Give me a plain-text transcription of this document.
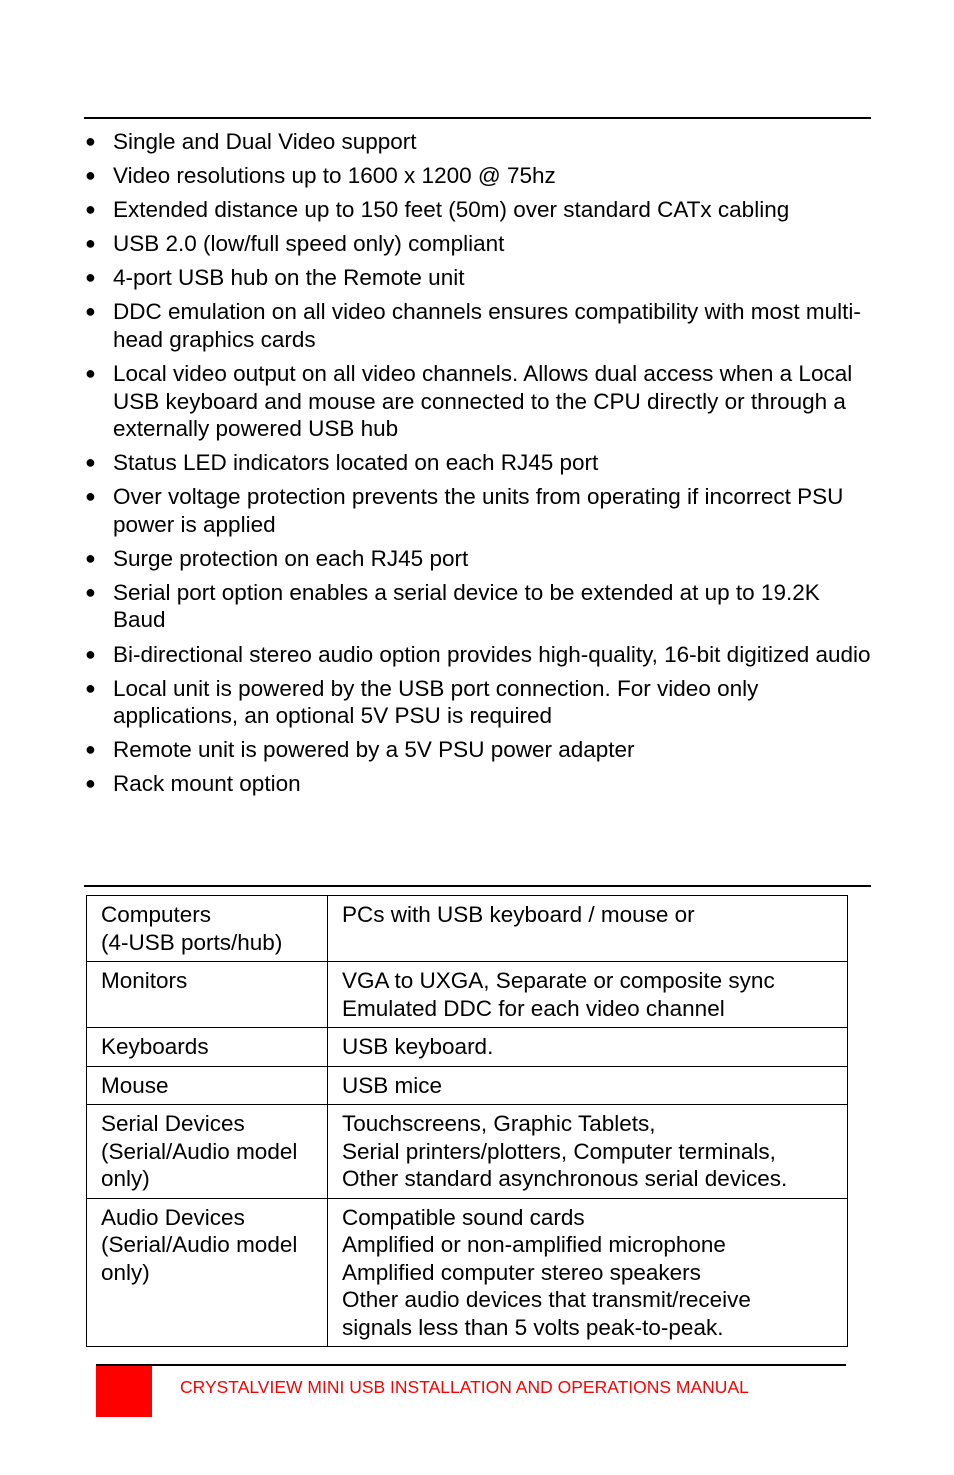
● Single and Dual Video support
● Video resolutions up to 1600 x 1200 @ 75hz
● Extended distance up to 150 feet (50m) over standard CATx cabling
● USB 2.0 (low/full speed only) compliant
● 4-port USB hub on the Remote unit
● DDC emulation on all video channels ensures compatibility with most multi-head graphics cards
● Local video output on all video channels. Allows dual access when a Local USB keyboard and mouse are connected to the CPU directly or through a externally powered USB hub
● Status LED indicators located on each RJ45 port
● Over voltage protection prevents the units from operating if incorrect PSU power is applied
● Surge protection on each RJ45 port
● Serial port option enables a serial device to be extended at up to 19.2K Baud
● Bi-directional stereo audio option provides high-quality, 16-bit digitized audio
● Local unit is powered by the USB port connection. For video only applications, an optional 5V PSU is required
● Remote unit is powered by a 5V PSU power adapter
● Rack mount option
Computers
(4-USB ports/hub)	PCs with USB keyboard / mouse or

Monitors	VGA to UXGA, Separate or composite sync
Emulated DDC for each video channel

Keyboards	USB keyboard.

Mouse	USB mice

Serial Devices
(Serial/Audio model
only)	Touchscreens, Graphic Tablets,
Serial printers/plotters, Computer terminals,
Other standard asynchronous serial devices.

Audio Devices
(Serial/Audio model
only)	Compatible sound cards
Amplified or non-amplified microphone
Amplified computer stereo speakers
Other audio devices that transmit/receive
signals less than 5 volts peak-to-peak.
CRYSTALVIEW MINI USB INSTALLATION AND OPERATIONS MANUAL
